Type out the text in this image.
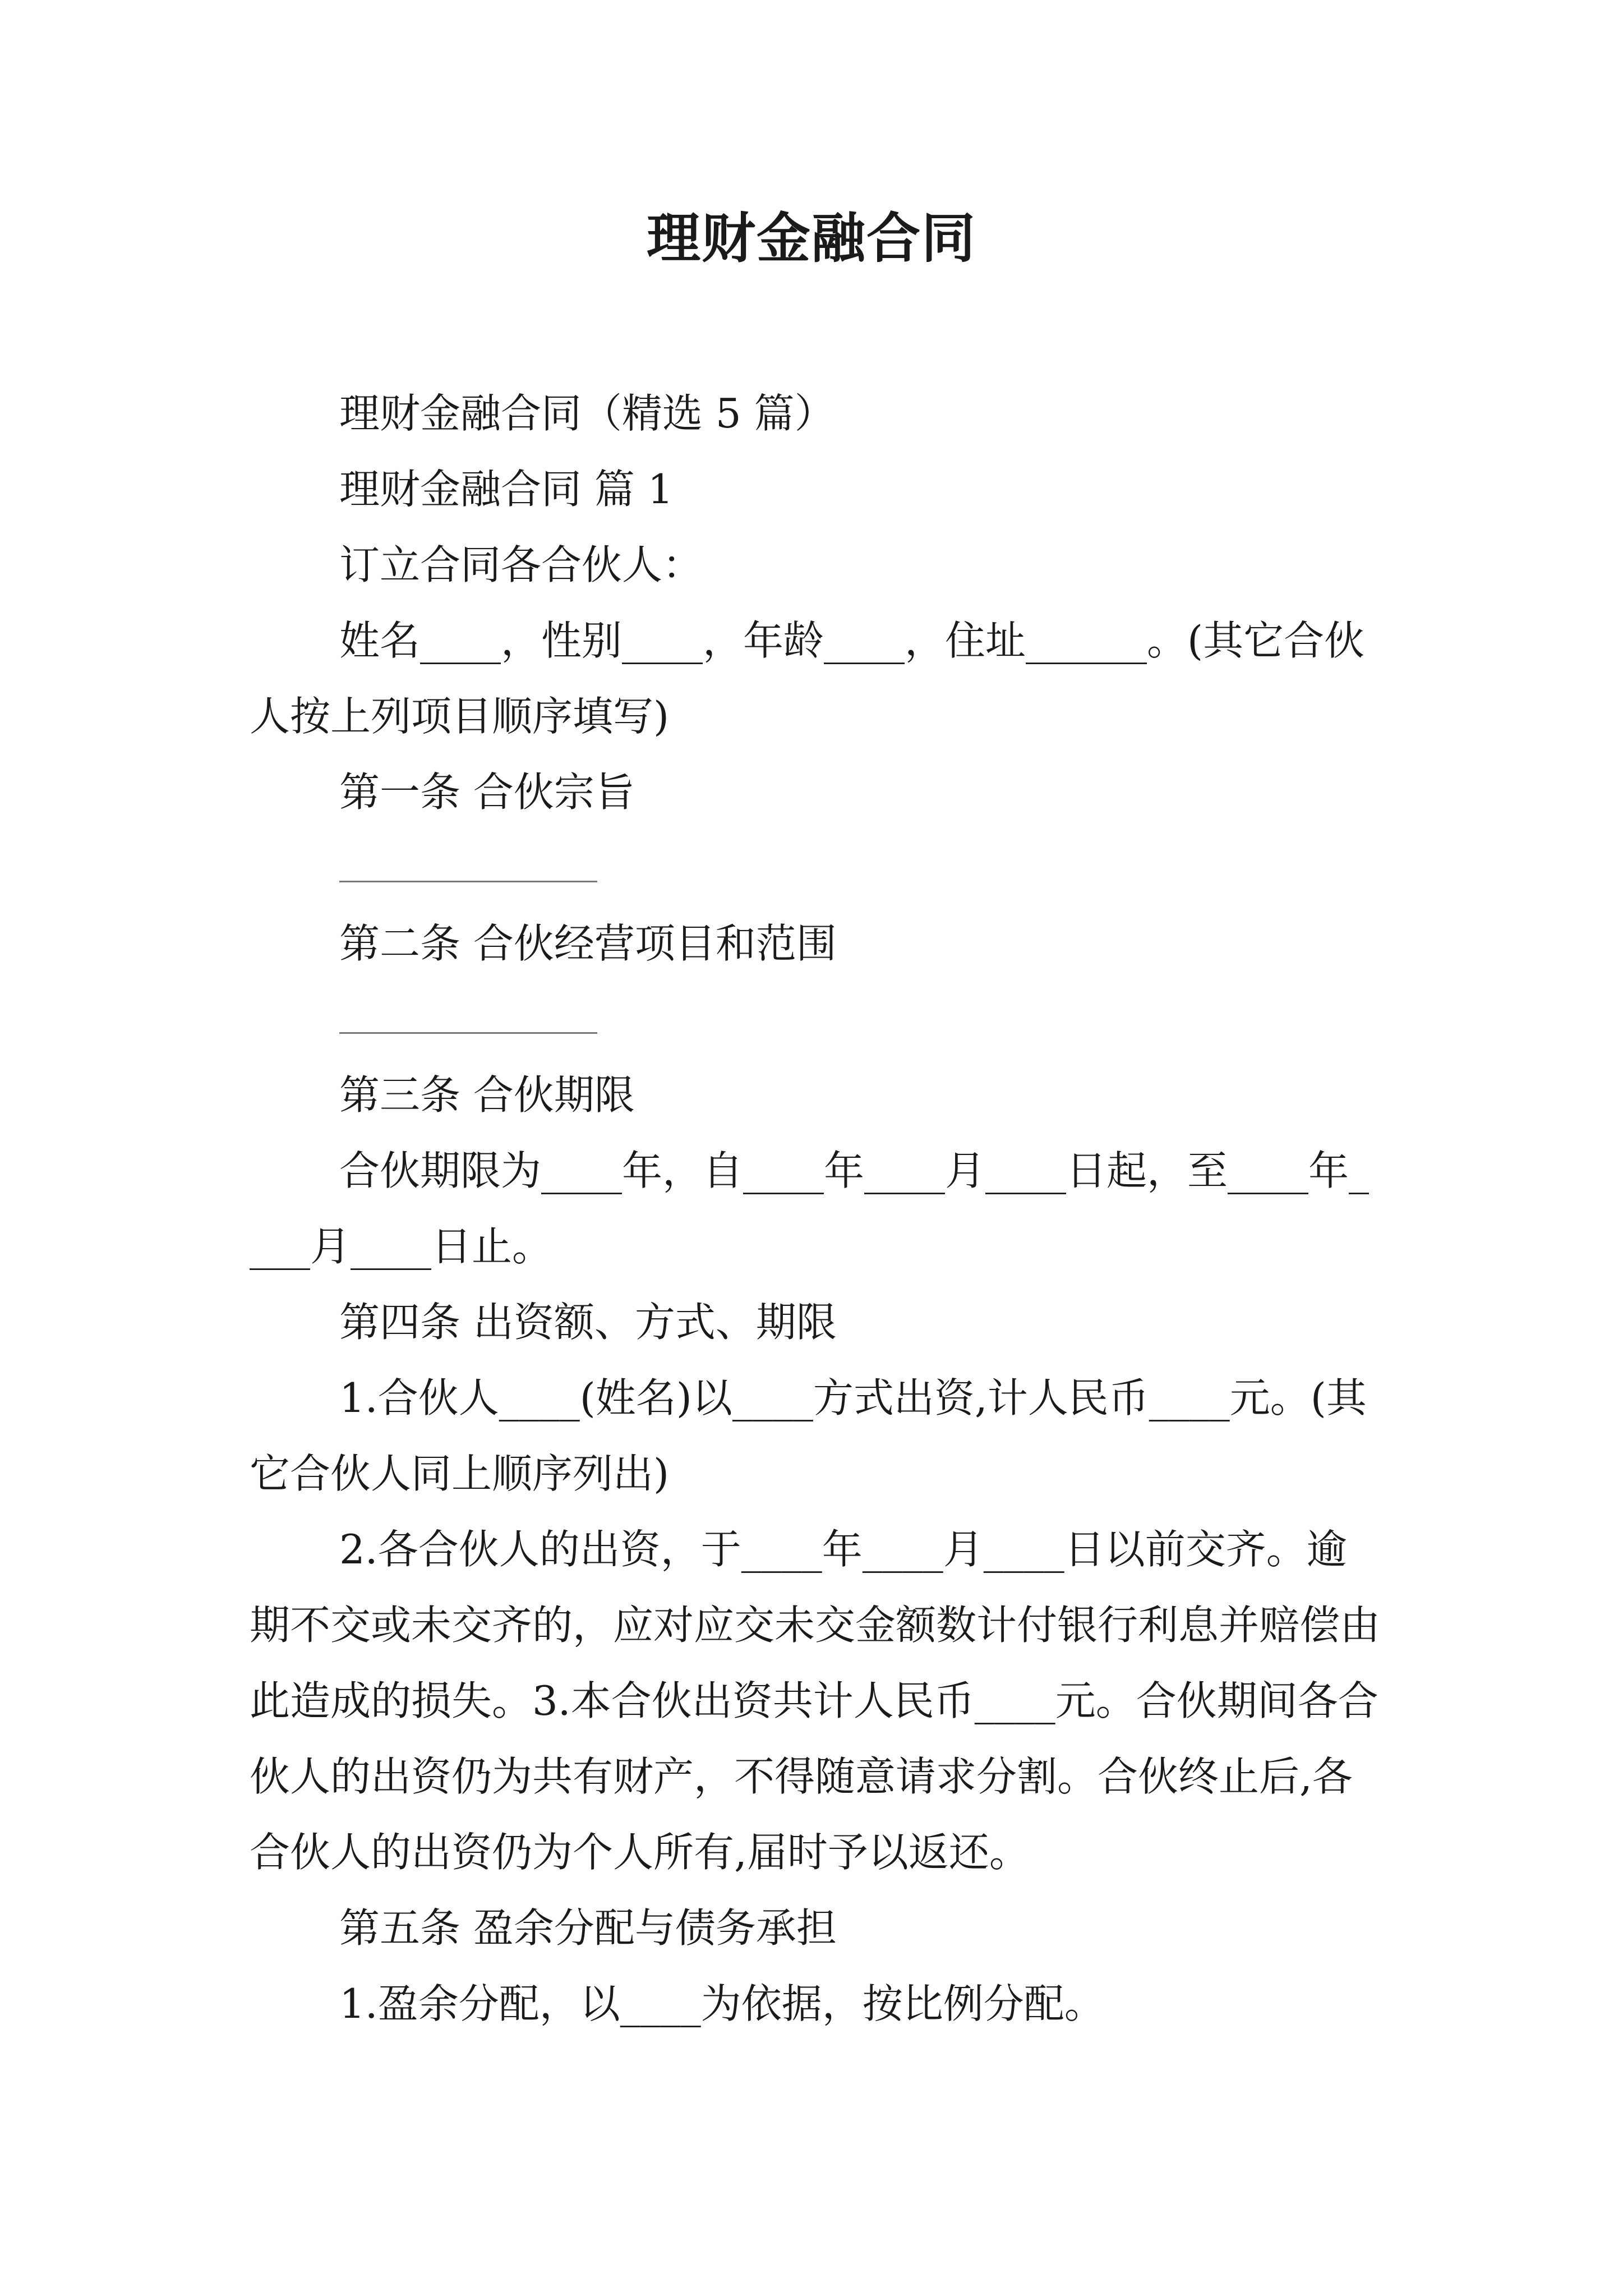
理财金融合同

理财金融合同（精选 5 篇）

理财金融合同 篇 1

订立合同各合伙人：

姓名____，性别____，年龄____，住址______。(其它合伙人按上列项目顺序填写)

第一条 合伙宗旨

第二条 合伙经营项目和范围

第三条 合伙期限

合伙期限为____年，自____年____月____日起，至____年____月____日止。

第四条 出资额、方式、期限

1.合伙人____(姓名)以____方式出资,计人民币____元。(其它合伙人同上顺序列出)

2.各合伙人的出资，于____年____月____日以前交齐。逾期不交或未交齐的，应对应交未交金额数计付银行利息并赔偿由此造成的损失。3.本合伙出资共计人民币____元。合伙期间各合伙人的出资仍为共有财产，不得随意请求分割。合伙终止后,各合伙人的出资仍为个人所有,届时予以返还。

第五条 盈余分配与债务承担

1.盈余分配，以____为依据，按比例分配。
